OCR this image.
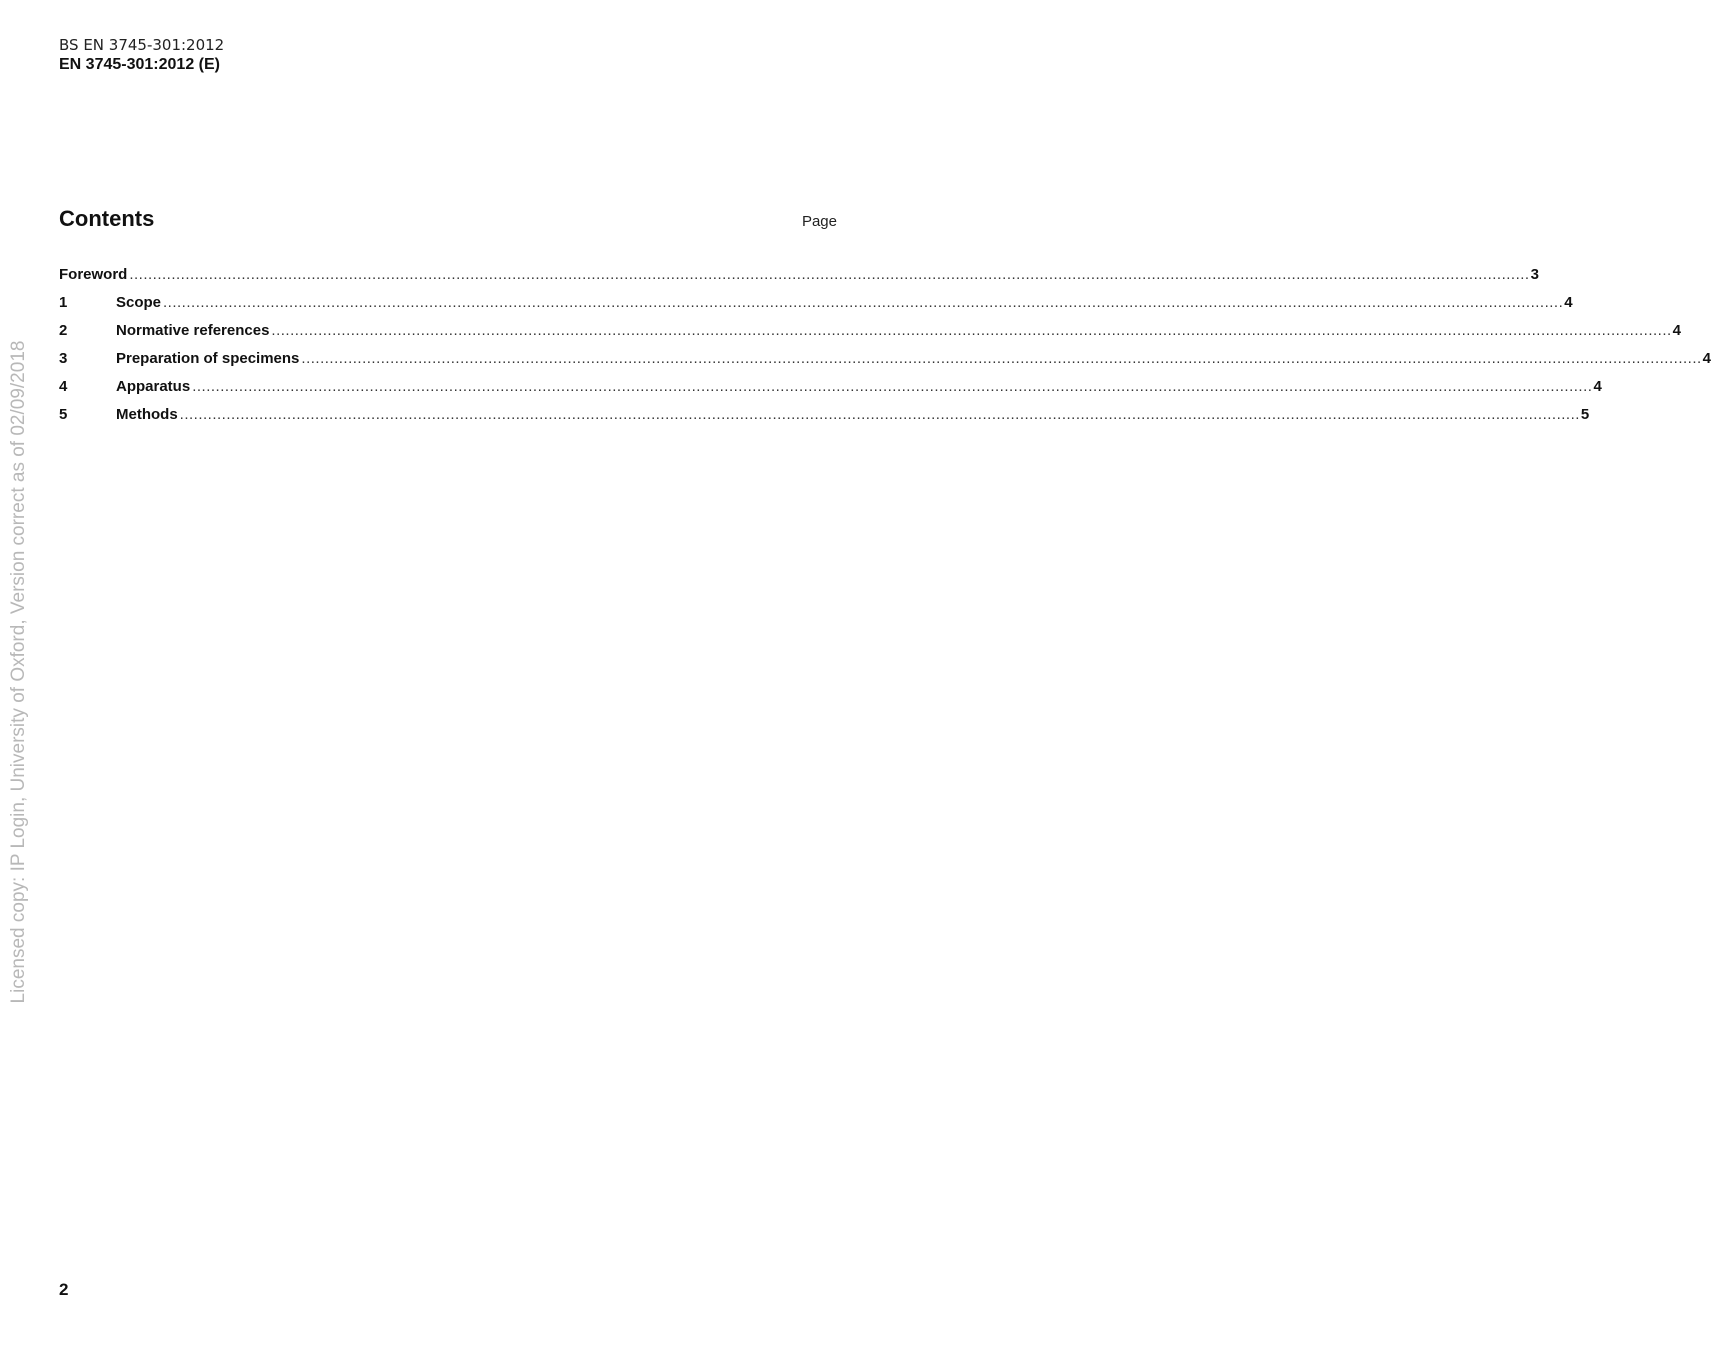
BS EN 3745-301:2012
EN 3745-301:2012 (E)
Contents	Page
Foreword ............................................................................................................................................................................................................................................................................................................ 3
1	Scope ............................................................................................................................................................................................................................................................................................................ 4
2	Normative references ............................................................................................................................................................................................................................................................................................................ 4
3	Preparation of specimens ............................................................................................................................................................................................................................................................................................................ 4
4	Apparatus ............................................................................................................................................................................................................................................................................................................ 4
5	Methods ............................................................................................................................................................................................................................................................................................................ 5
Licensed copy: IP Login, University of Oxford, Version correct as of 02/09/2018
2
